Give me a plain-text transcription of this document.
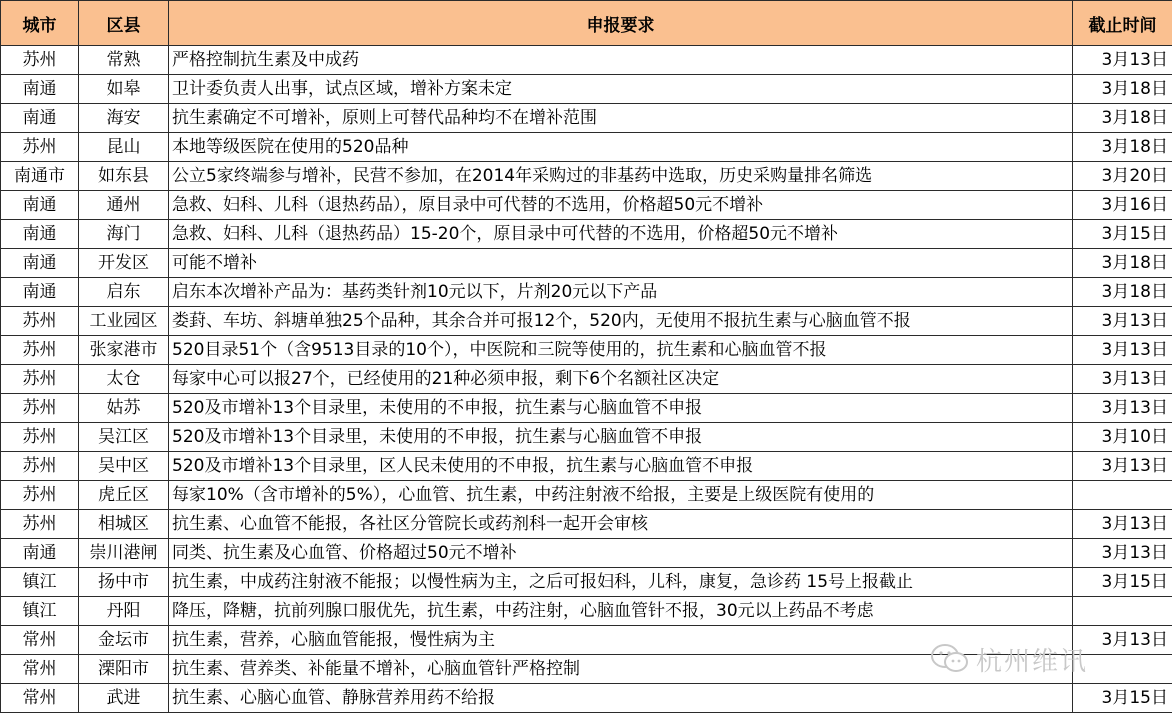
城市	区县	申报要求	截止时间
苏州	常熟	严格控制抗生素及中成药	3月13日
南通	如皋	卫计委负责人出事，试点区域，增补方案未定	3月18日
南通	海安	抗生素确定不可增补，原则上可替代品种均不在增补范围	3月18日
苏州	昆山	本地等级医院在使用的520品种	3月18日
南通市	如东县	公立5家终端参与增补，民营不参加，在2014年采购过的非基药中选取，历史采购量排名筛选	3月20日
南通	通州	急救、妇科、儿科（退热药品），原目录中可代替的不选用，价格超50元不增补	3月16日
南通	海门	急救、妇科、儿科（退热药品）15-20个，原目录中可代替的不选用，价格超50元不增补	3月15日
南通	开发区	可能不增补	3月18日
南通	启东	启东本次增补产品为：基药类针剂10元以下，片剂20元以下产品	3月18日
苏州	工业园区	娄葑、车坊、斜塘单独25个品种，其余合并可报12个，520内，无使用不报抗生素与心脑血管不报	3月13日
苏州	张家港市	520目录51个（含9513目录的10个），中医院和三院等使用的，抗生素和心脑血管不报	3月13日
苏州	太仓	每家中心可以报27个，已经使用的21种必须申报，剩下6个名额社区决定	3月13日
苏州	姑苏	520及市增补13个目录里，未使用的不申报，抗生素与心脑血管不申报	3月13日
苏州	吴江区	520及市增补13个目录里，未使用的不申报，抗生素与心脑血管不申报	3月10日
苏州	吴中区	520及市增补13个目录里，区人民未使用的不申报，抗生素与心脑血管不申报	3月13日
苏州	虎丘区	每家10%（含市增补的5%），心血管、抗生素，中药注射液不给报，主要是上级医院有使用的	
苏州	相城区	抗生素、心血管不能报，各社区分管院长或药剂科一起开会审核	3月13日
南通	崇川港闸	同类、抗生素及心血管、价格超过50元不增补	3月13日
镇江	扬中市	抗生素，中成药注射液不能报；以慢性病为主，之后可报妇科，儿科，康复，急诊药 15号上报截止	3月15日
镇江	丹阳	降压，降糖，抗前列腺口服优先，抗生素，中药注射，心脑血管针不报，30元以上药品不考虑	
常州	金坛市	抗生素，营养，心脑血管能报，慢性病为主	3月13日
常州	溧阳市	抗生素、营养类、补能量不增补，心脑血管针严格控制	
常州	武进	抗生素、心脑心血管、静脉营养用药不给报	3月15日
杭州维讯
